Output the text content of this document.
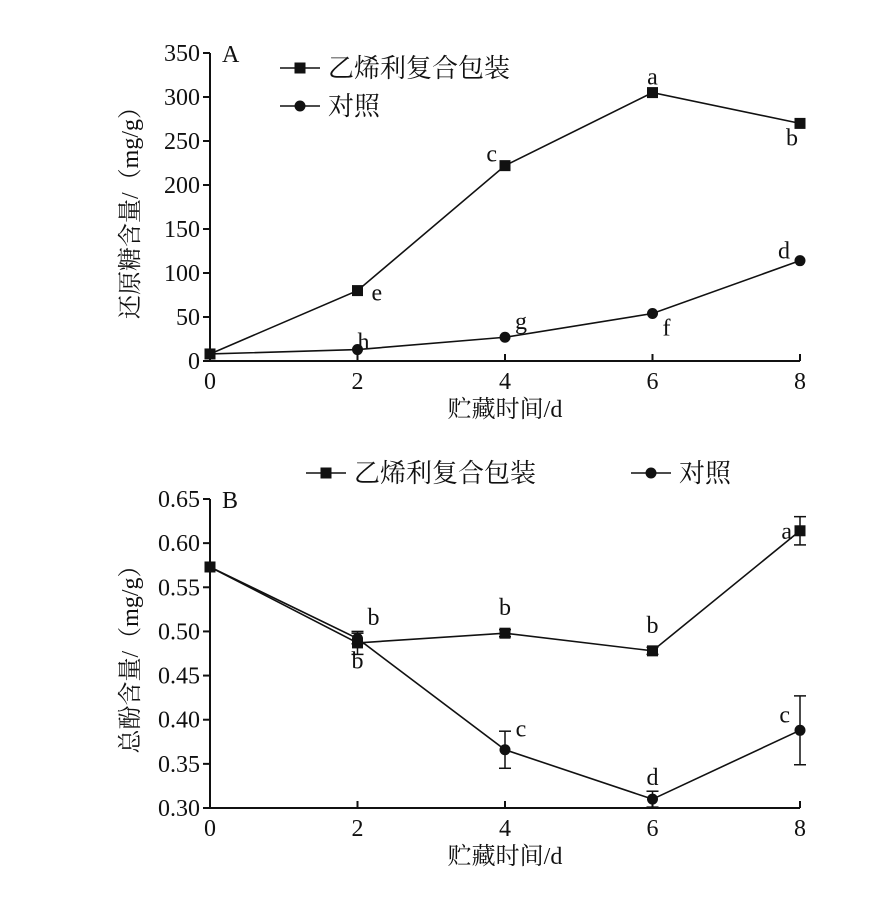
0
50
100
150
200
250
300
350
0	2	4	6	8
贮藏时间/d
还原糖含量/（mg/g）
A
e
c
a
b
h
g	f
d
乙烯利复合包装
对照
0.30
0.35
0.40
0.45
0.50
0.55
0.60
0.65
0	2	4	6	8
贮藏时间/d
总酚含量/（mg/g）
B
b	b
b
a
b
c
d
c
乙烯利复合包装	对照
